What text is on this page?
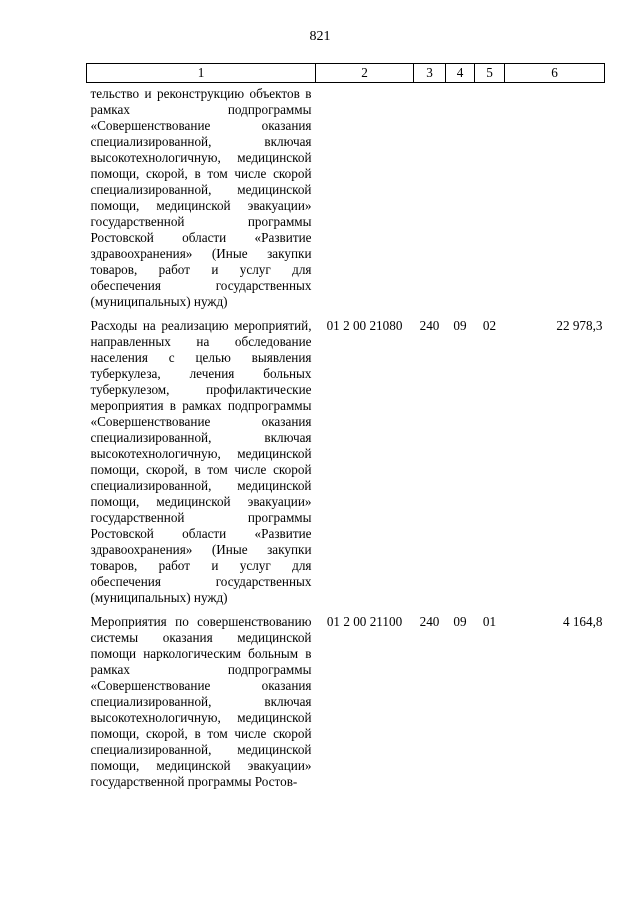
821
1	2	3	4	5	6
тельство и реконструкцию объектов в рамках подпрограммы «Совершенствование оказания специализированной, включая высокотехнологичную, медицинской помощи, скорой, в том числе скорой специализированной, медицинской помощи, медицинской эвакуации» государственной программы Ростовской области «Развитие здравоохранения» (Иные закупки товаров, работ и услуг для обеспечения государственных (муниципальных) нужд)					
Расходы на реализацию мероприятий, направленных на обследование населения с целью выявления туберкулеза, лечения больных туберкулезом, профилактические мероприятия в рамках подпрограммы «Совершенствование оказания специализированной, включая высокотехнологичную, медицинской помощи, скорой, в том числе скорой специализированной, медицинской помощи, медицинской эвакуации» государственной программы Ростовской области «Развитие здравоохранения» (Иные закупки товаров, работ и услуг для обеспечения государственных (муниципальных) нужд)	01 2 00 21080	240	09	02	22 978,3
Мероприятия по совершенствованию системы оказания медицинской помощи наркологическим больным в рамках подпрограммы «Совершенствование оказания специализированной, включая высокотехнологичную, медицинской помощи, скорой, в том числе скорой специализированной, медицинской помощи, медицинской эвакуации» государственной программы Ростов-	01 2 00 21100	240	09	01	4 164,8
